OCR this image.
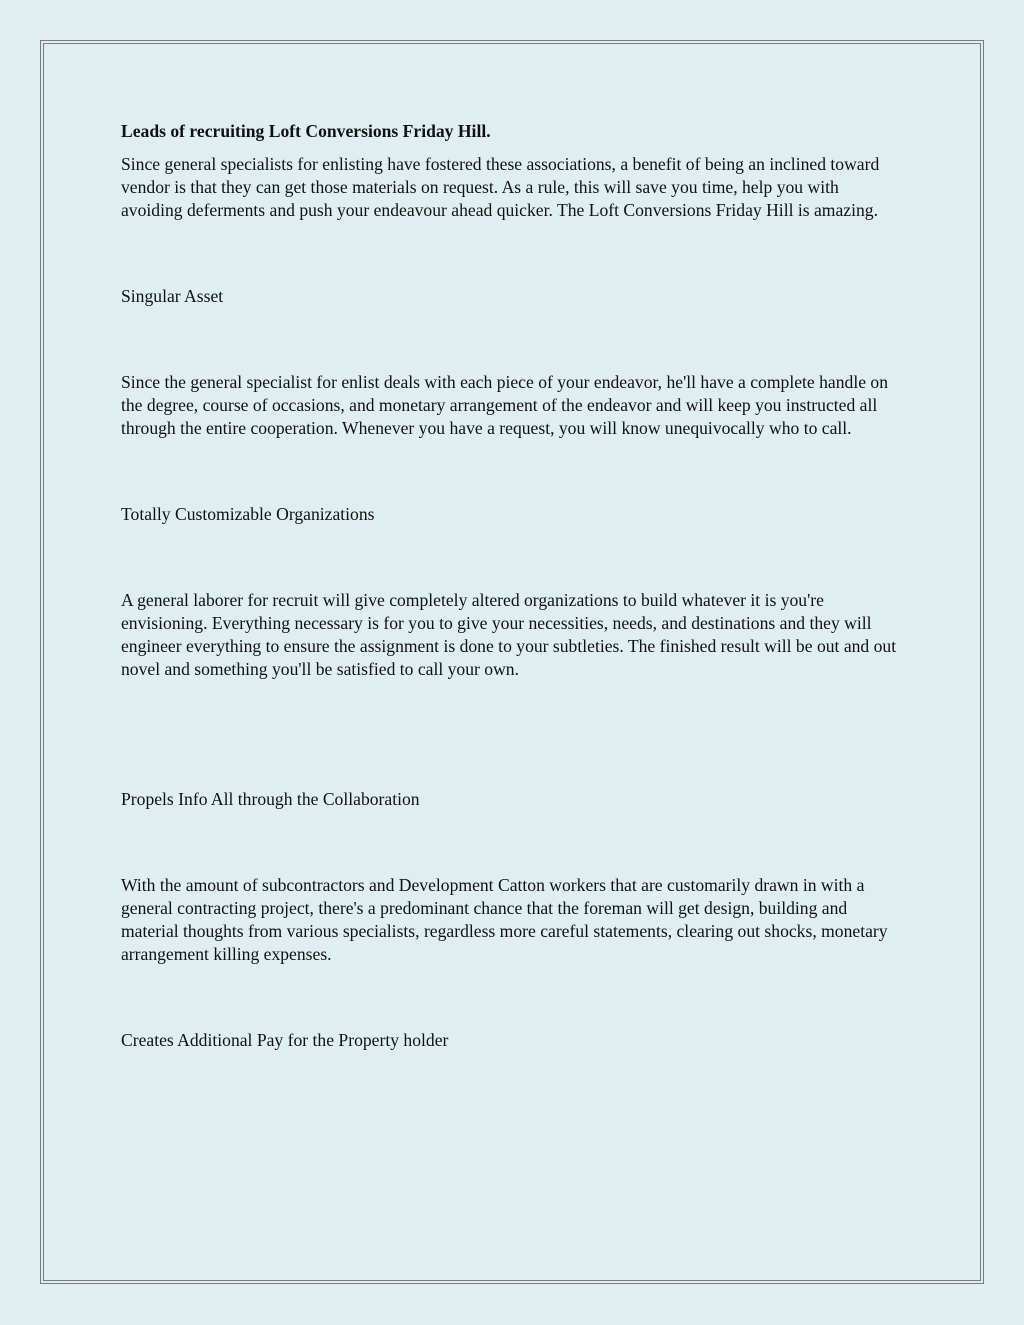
Leads of recruiting Loft Conversions Friday Hill.

Since general specialists for enlisting have fostered these associations, a benefit of being an inclined toward vendor is that they can get those materials on request. As a rule, this will save you time, help you with avoiding deferments and push your endeavour ahead quicker. The Loft Conversions Friday Hill is amazing.

Singular Asset

Since the general specialist for enlist deals with each piece of your endeavor, he'll have a complete handle on the degree, course of occasions, and monetary arrangement of the endeavor and will keep you instructed all through the entire cooperation. Whenever you have a request, you will know unequivocally who to call.

Totally Customizable Organizations

A general laborer for recruit will give completely altered organizations to build whatever it is you're envisioning. Everything necessary is for you to give your necessities, needs, and destinations and they will engineer everything to ensure the assignment is done to your subtleties. The finished result will be out and out novel and something you'll be satisfied to call your own.

Propels Info All through the Collaboration

With the amount of subcontractors and Development Catton workers that are customarily drawn in with a general contracting project, there's a predominant chance that the foreman will get design, building and material thoughts from various specialists, regardless more careful statements, clearing out shocks, monetary arrangement killing expenses.

Creates Additional Pay for the Property holder
